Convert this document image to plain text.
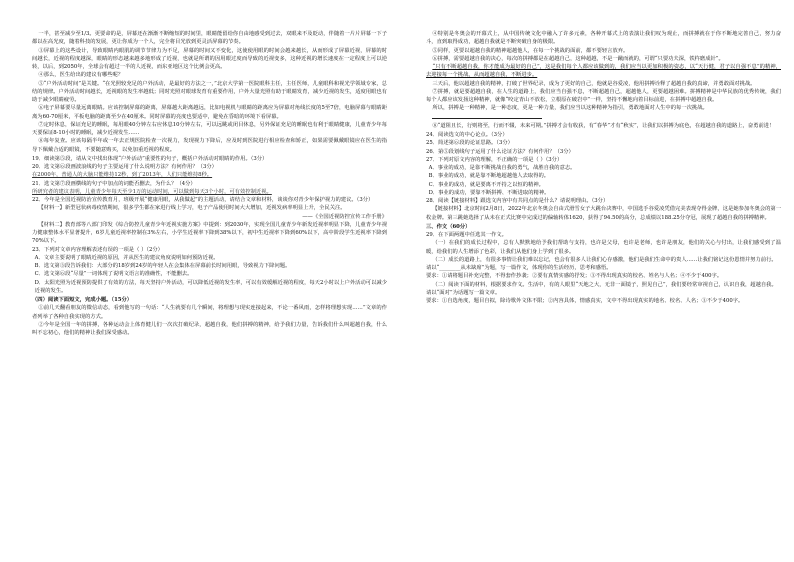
一半，甚至减少至1/3。更要命的是，屏幕还在渐渐不断缩短的时间里，眼睛能留给你自由地感受到过去，双眼来不及眨动，伴随着一片片屏幕一下子都以在高光度，随着科技的发展，更让你成为一个人，完全将目光放到更灵活屏幕的节奏。

③屏幕上的这些设计，导致眼睛内眼肌的调节节律力为不足，屏幕的时间又不变化，这使使用眼的时间会越来越长，从而形成了屏幕近视，屏幕的时间越长，近视的程度越深，眼睛的形态越来越多地形成了近视，也就是所谓的因用眼过度而导致的近视变多，这种近视的增长速度在一定程度上可以逆转，以后，到2050年，全球会有超过一半的人近视，而东亚地区这个比例会更高。

④那么，医生给出的建议有哪些呢？

⑤“户外活动时间”是关键。“在光照较充足的户外活动，是最好的方法之一，”北京大学第一医院眼科主任，主任医师，儿童眼科和视光学领域专家，总结的规律。户外活动时间越长，近视眼的发生率越低；同时光照对眼球发育有重要作用，户外大量光照有助于眼睛发育，减少近视的发生，适度用眼也有助于减少眼睛疲劳。

⑥电子屏幕要尽量远离眼睛。应该控制屏幕的距离，屏幕越大距离越远，比如电视机与眼睛的距离应为屏幕对角线长度的5至7倍，电脑屏幕与眼睛距离为60-70厘米，平板电脑的距离至少在40厘米。同时屏幕的亮度也要适中，避免在昏暗的环境下看屏幕。

⑦定时休息，保证充足的睡眠，每用眼40分钟左右应休息10分钟左右，可以远眺或闭目休息，另外保证充足的睡眠也有利于眼睛健康，儿童青少年每天要保证8-10小时的睡眠，减少近视发生……

⑧每年复查。应该每隔半年或一年去正规医院检查一次视力，发现视力下降后，应及时到医院进行相应检查和矫正，如果需要佩戴眼镜应在医生的指导下佩戴合适的眼镜，不要随意购买，以免加重近视的程度。

19．细读第⑤段，请从文中找出体现“户外活动”重要性的句子，概括户外活动对眼睛的作用。（3分）

20．选文第⑥段画波浪线的句子主要运用了什么说明方法？有何作用？（3分）

在2000年，普通人的大脑只能维持12秒，到了2013年，人们只能维持8秒。

21．选文第⑦段画横线的句子中加点的词能否删去，为什么？（4分）

所研究者的建议表明，儿童青少年每天至少1万的运动时间，可以做到每天3个小时，可有效控制近视。

22．今年是全国近视防治宣传教育月，班级开展“健康用眼，从我做起”的主题活动，请结合文章和材料，谈谈你对青少年保护视力的建议。（3分）

【材料一】新型冠状病毒疫情期间，很多学生都在家进行线上学习，电子产品使用时间大大增加，近视发病率明显上升，全民关注。

——《全国近视防控宣传工作手册》

【材料二】教育部等八部门印发《综合防控儿童青少年近视实施方案》中提到：到2030年，实现全国儿童青少年新发近视率明显下降，儿童青少年视力健康整体水平显著提升，6岁儿童近视率控制在3%左右，小学生近视率下降到38%以下，初中生近视率下降到60%以下，高中阶段学生近视率下降到70%以下。

23．下列对文章内容理解表述有误的一项是（ ）（2分）

A．文章主要说明了眼睛近视的原因，并从医生的建议角度说明如何预防近视。

B．选文第③段告诉我们：大部分的18岁到24岁的年轻人在会集体在屏幕前长时间用眼，导致视力下降问题。

C．选文第⑥段“尽量”一词体现了说明文语言的准确性，不能删去。

D．太阳光照为近视预防提供了有效的方法，每天坚持户外活动，可以降低近视的发生率，可以有效缓解近视的程度，每天2小时以上户外活动可以减少近视的发生。

（四）阅读下面短文，完成小题。（15分）

①前几天翻看朋友的微信动态，看到他写的一句话：“人生就要有几个瞬间，将理想与现实连接起来，不论一番风雨，怎样将理想实现……”文章的作者列举了各种自我实现的方式。

②今年是全国一年的拼搏，各种运动会上体育健儿们一次次打破纪录，超越自我，他们拼搏的精神，给予我们力量，告诉我们什么叫超越自我，什么叫不忘初心，他们的精神让我们深受感动。

④特别是冬奥会的开幕式上，从中国传统文化中融入了许多元素，各种开幕式上的表演让我们叹为观止，而拼搏就在于你不断地完善自己，努力奋斗，直到取得成功，超越自我就是不断突破自身的极限。

⑤同样，更要以超越自我的精神超越他人，在每一个挑战的面前，都不要轻言放弃。

⑥拼搏，需要超越自我的决心，每次的拼搏都是在超越自己，这种超越，不是一蹴而就的，可谓“只要功夫深，铁杵磨成针”。

“只有不断超越自我，你才能成为最好的自己”，这是我们每个人都应该做到的，我们应当以更加积极的姿态，以“天行健，君子以自强不息”的精神，去迎接每一个挑战，从而超越自我，不断进步。

三天后，他以超越自我的精神，打破了世界纪录，成为了更好的自己，他就是谷爱凌，他用拼搏诠释了超越自我的真谛，并勇敢面对挑战。

⑦拼搏，就是要超越自我，在人生的道路上，我们应当自强不息，不断超越自己，超越他人，更要超越困难。拼搏精神是中华民族的优秀传统，我们每个人都应该发扬这种精神，就像“咬定青山不放松，立根原在破岩中”一样，坚持不懈地向着目标前进，在拼搏中超越自我。

所以，拼搏是一种精神，是一种态度，更是一种力量，我们应当以这种精神为指引，勇敢地面对人生中的每一次挑战。

⑧“道阻且长，行则将至，行而不辍，未来可期。”拼搏才会有收获，有“春华”才有“秋实”，让我们以拼搏为底色，在超越自我的道路上，奋勇前进！

24．阅读选文的中心论点。（3分）

25．简述第⑥段的论证思路。（3分）

26．第⑤段划线句子运用了什么论证方法？有何作用？（3分）

27．下列对原文内容的理解，不正确的一项是（ ）（3分）

A．事业的成功，是靠不断挑战自我的勇气，战胜自我的意志。

B．事业的成功，就是靠不断地超越他人去取得的。

C．事业的成功，就是要离不开持之以恒的精神。

D．事业的成功，要靠不断拼搏、不断进取的精神。

28．阅读【链接材料】跟选文内容中有共同点的是什么？请说明理由。（3分）

【链接材料】北京时间2月8日，2022年北京冬奥会自由式滑雪女子大跳台决赛中，中国选手谷爱凌凭借完美表现夺得金牌，这是她参加冬奥会的第一枚金牌。第三跳她选择了从未在正式比赛中完成过的偏轴转体1620，获得了94.50的高分，总成绩以188.25分夺冠，展现了超越自我的拼搏精神。

三、作文（60分）

29．在下面两题中任选其一作文。

（一）在我们的成长过程中，总有人默默地给予我们帮助与支持，也许是父母，也许是老师，也许是朋友，他们的关心与付出，让我们感受到了温暖，给我们的人生增添了色彩，让我们从他们身上学到了很多。

（二）成长的道路上，有很多事情让我们难以忘记，也会有很多人让我们心存感激，他们是我们生命中的贵人……让我们铭记这份恩情并努力前行。

请以“________从未缺席”为题，写一篇作文，体现你的生活经历，思考和感悟。

要求：①请将题目补充完整，不得套作抄袭；②要有真情实感的抒发；③不得出现真实的校名、姓名与人名；④不少于400字。

（二）阅读下面的材料，根据要求作文。生活中，有的人眼里“天地之大，无非一面镜子，照见自己”，我们要经常审视自己，认识自我，超越自我。

请以“面对”为话题写一篇文章。

要求：①自选角度，题目自拟，除诗歌外文体不限；②内容具体，情感真实，文中不得出现真实的地名、校名、人名；③不少于400字。
